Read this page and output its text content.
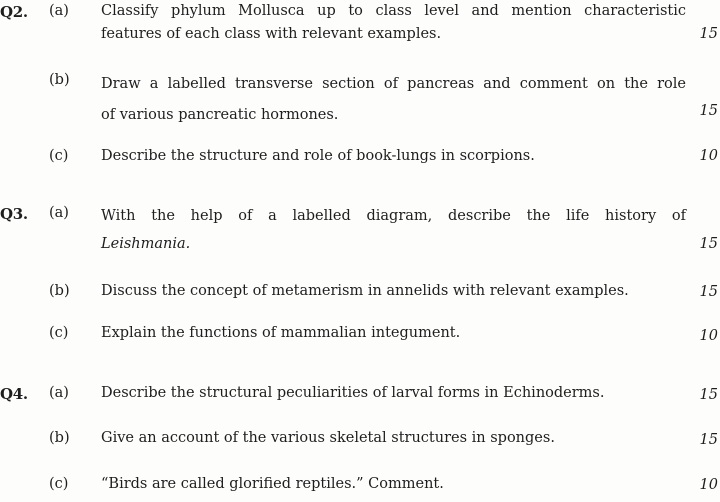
Q2.	(a)	Classify phylum Mollusca up to class level and mention characteristic
features of each class with relevant examples.	15
(b)	Draw a labelled transverse section of pancreas and comment on the role
of various pancreatic hormones.	15
(c)	Describe the structure and role of book-lungs in scorpions.	10
Q3.	(a)	With the help of a labelled diagram, describe the life history of
Leishmania.	15
(b)	Discuss the concept of metamerism in annelids with relevant examples.	15
(c)	Explain the functions of mammalian integument.	10
Q4.	(a)	Describe the structural peculiarities of larval forms in Echinoderms.	15
(b)	Give an account of the various skeletal structures in sponges.	15
(c)	“Birds are called glorified reptiles.” Comment.	10
